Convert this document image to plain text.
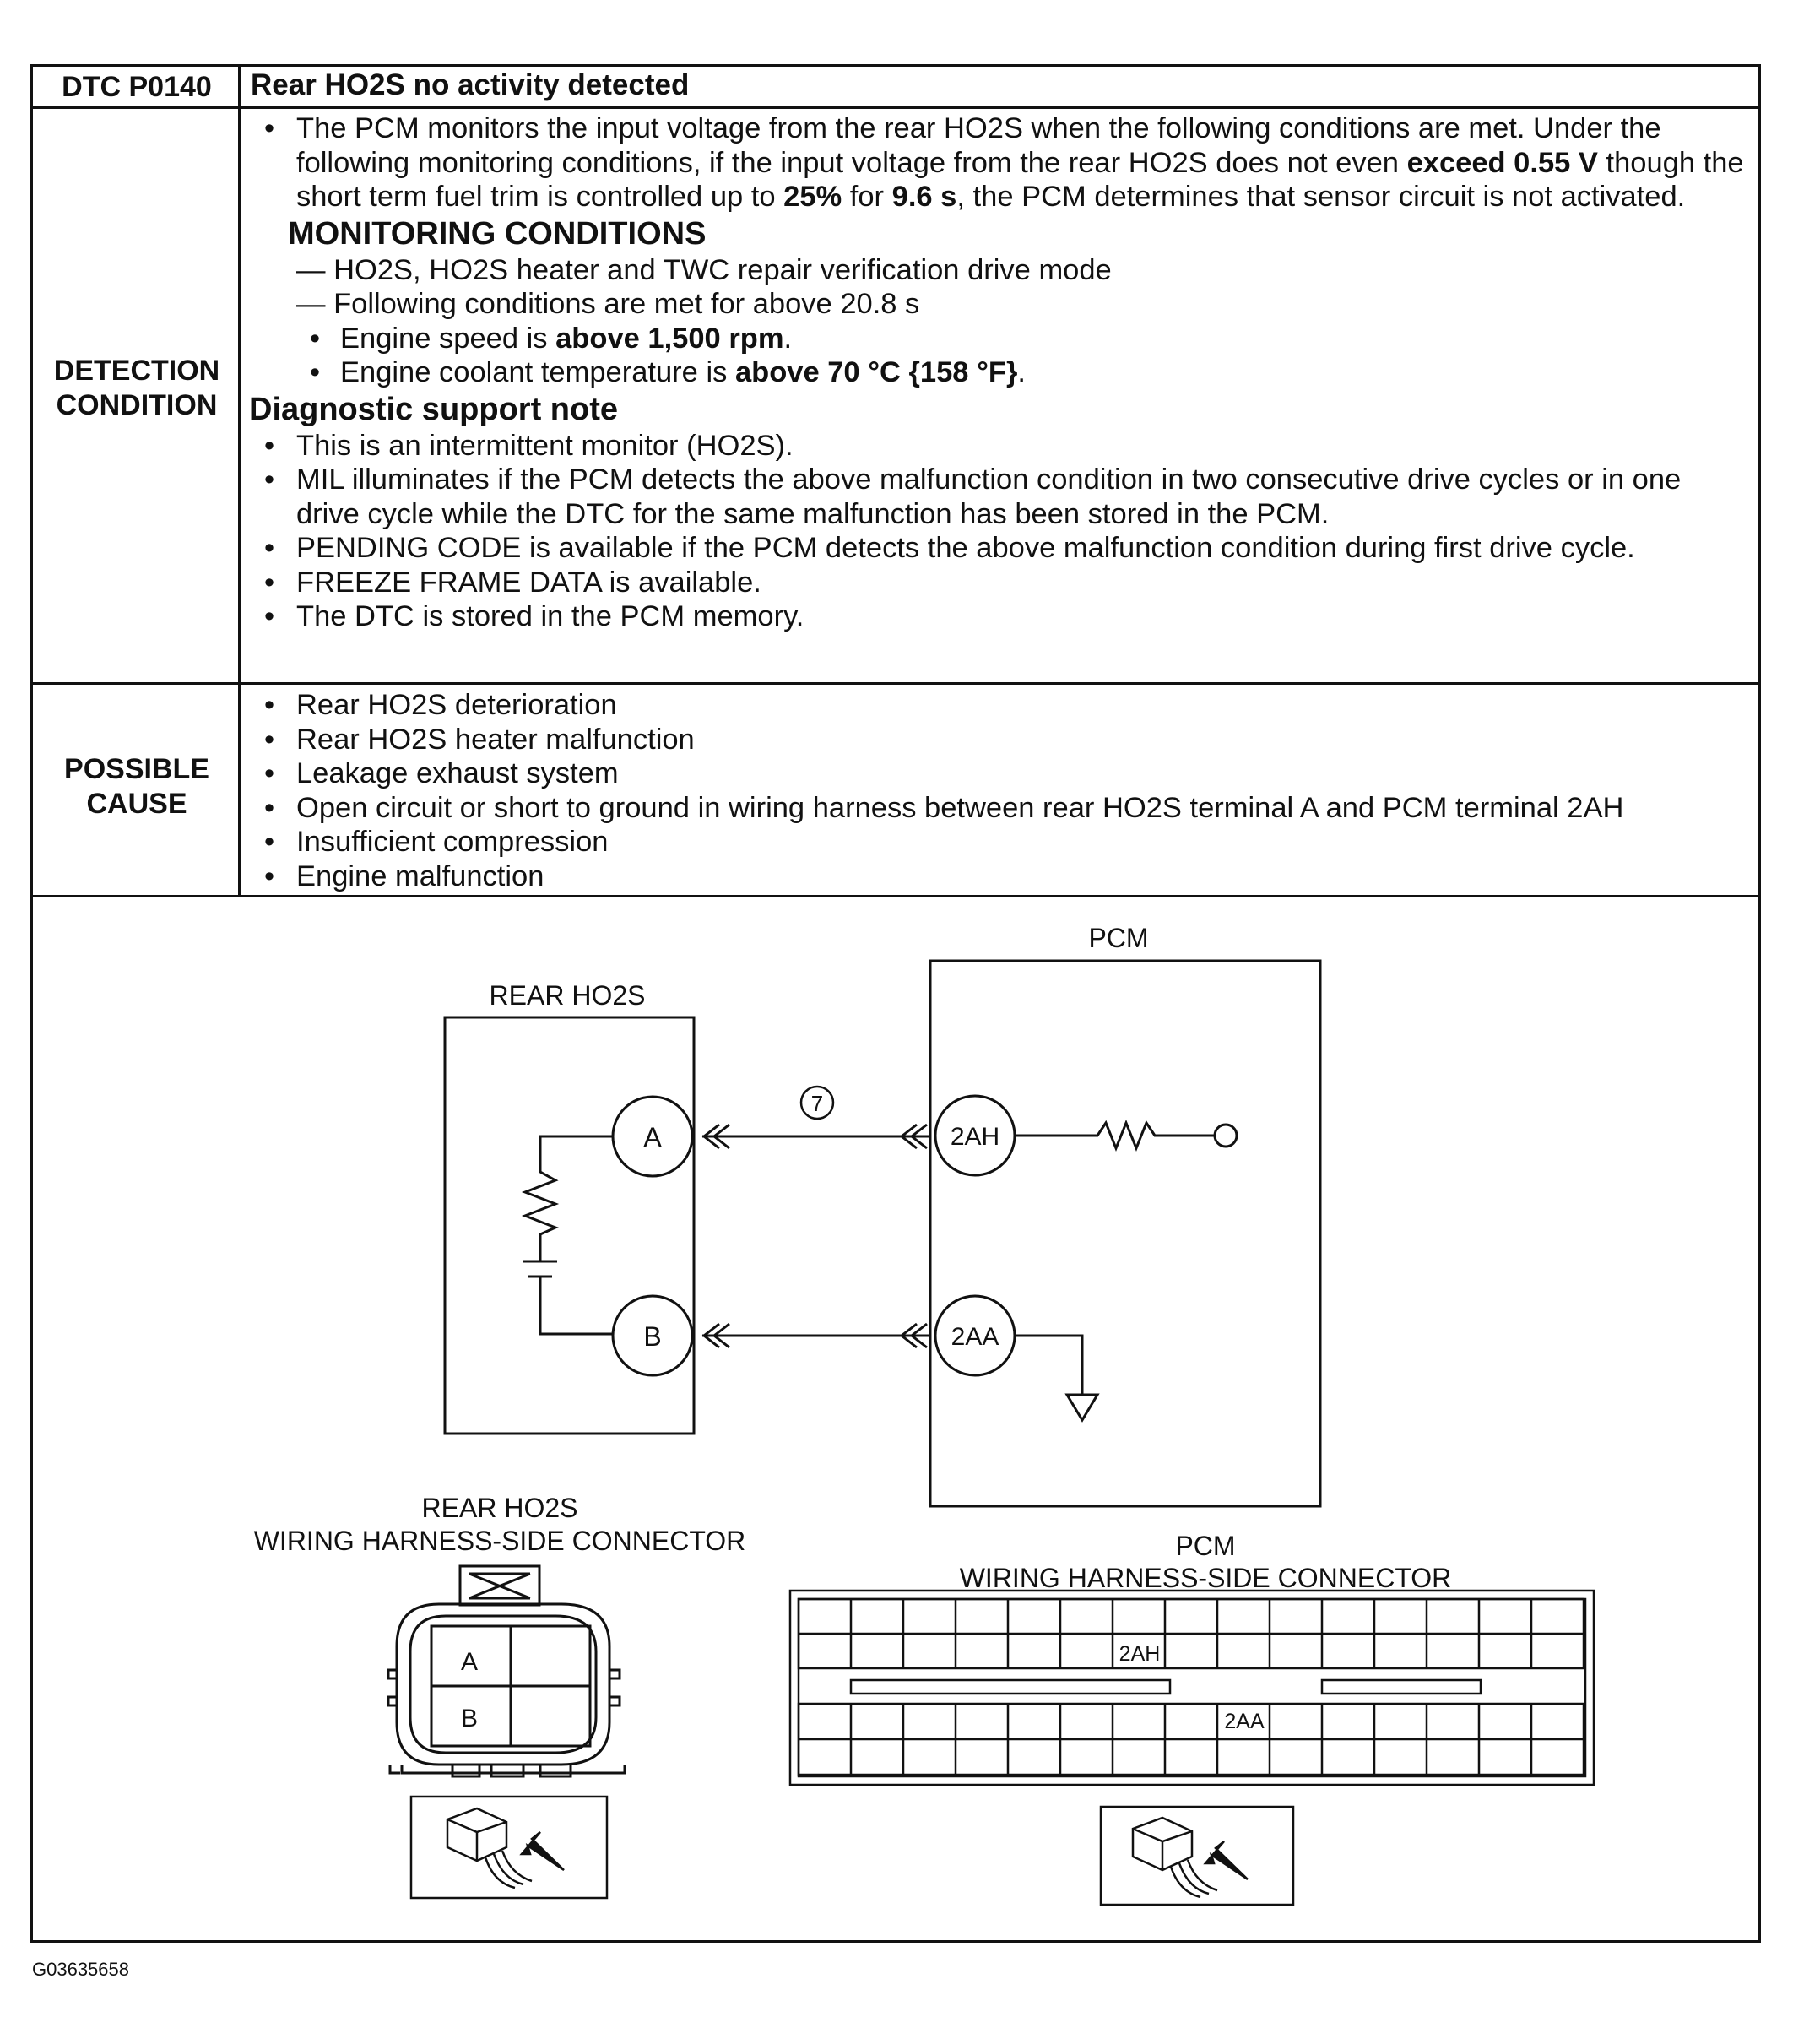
DTC P0140	Rear HO2S no activity detected
DETECTION
CONDITION
• The PCM monitors the input voltage from the rear HO2S when the following conditions are met. Under the following monitoring conditions, if the input voltage from the rear HO2S does not even exceed 0.55 V though the short term fuel trim is controlled up to 25% for 9.6 s, the PCM determines that sensor circuit is not activated.
MONITORING CONDITIONS
— HO2S, HO2S heater and TWC repair verification drive mode
— Following conditions are met for above 20.8 s
• Engine speed is above 1,500 rpm.
• Engine coolant temperature is above 70 °C {158 °F}.
Diagnostic support note
• This is an intermittent monitor (HO2S).
• MIL illuminates if the PCM detects the above malfunction condition in two consecutive drive cycles or in one drive cycle while the DTC for the same malfunction has been stored in the PCM.
• PENDING CODE is available if the PCM detects the above malfunction condition during first drive cycle.
• FREEZE FRAME DATA is available.
• The DTC is stored in the PCM memory.
POSSIBLE
CAUSE
• Rear HO2S deterioration
• Rear HO2S heater malfunction
• Leakage exhaust system
• Open circuit or short to ground in wiring harness between rear HO2S terminal A and PCM terminal 2AH
• Insufficient compression
• Engine malfunction
PCM
REAR HO2S
A
B
7
2AH
2AA
REAR HO2S
WIRING HARNESS-SIDE CONNECTOR
A
B
PCM
WIRING HARNESS-SIDE CONNECTOR
2AH
2AA
G03635658
